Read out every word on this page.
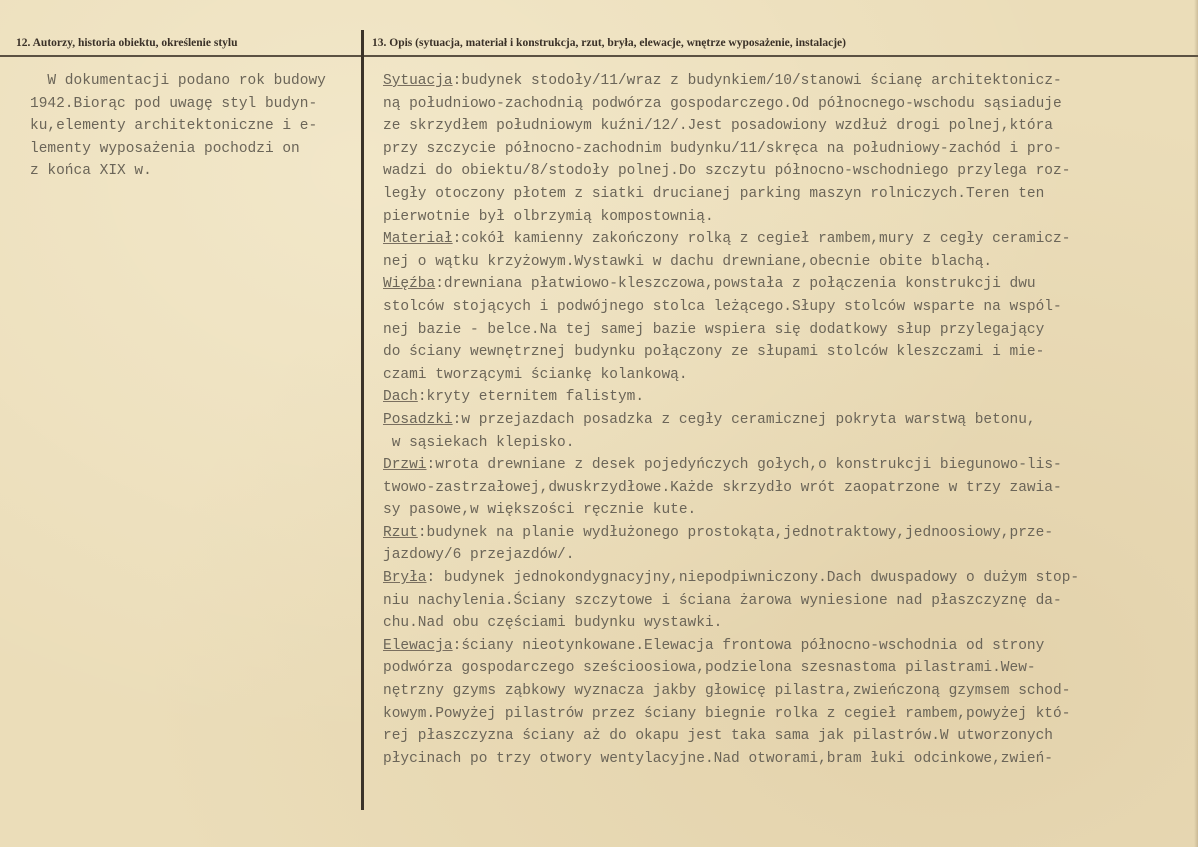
12. Autorzy, historia obiektu, określenie stylu	13. Opis (sytuacja, materiał i konstrukcja, rzut, bryła, elewacje, wnętrze wyposażenie, instalacje)
W dokumentacji podano rok budowy
1942.Biorąc pod uwagę styl budyn-
ku,elementy architektoniczne i e-
lementy wyposażenia pochodzi on
z końca XIX w.
Sytuacja:budynek stodoły/11/wraz z budynkiem/10/stanowi ścianę architektonicz-
ną południowo-zachodnią podwórza gospodarczego.Od północnego-wschodu sąsiaduje
ze skrzydłem południowym kuźni/12/.Jest posadowiony wzdłuż drogi polnej,która
przy szczycie północno-zachodnim budynku/11/skręca na południowy-zachód i pro-
wadzi do obiektu/8/stodoły polnej.Do szczytu północno-wschodniego przylega roz-
legły otoczony płotem z siatki drucianej parking maszyn rolniczych.Teren ten
pierwotnie był olbrzymią kompostownią.
Materiał:cokół kamienny zakończony rolką z cegieł rambem,mury z cegły ceramicz-
nej o wątku krzyżowym.Wystawki w dachu drewniane,obecnie obite blachą.
Więźba:drewniana płatwiowo-kleszczowa,powstała z połączenia konstrukcji dwu
stolców stojących i podwójnego stolca leżącego.Słupy stolców wsparte na wspól-
nej bazie - belce.Na tej samej bazie wspiera się dodatkowy słup przylegający
do ściany wewnętrznej budynku połączony ze słupami stolców kleszczami i mie-
czami tworzącymi ściankę kolankową.
Dach:kryty eternitem falistym.
Posadzki:w przejazdach posadzka z cegły ceramicznej pokryta warstwą betonu,
w sąsiekach klepisko.
Drzwi:wrota drewniane z desek pojedyńczych gołych,o konstrukcji biegunowo-lis-
twowo-zastrzałowej,dwuskrzydłowe.Każde skrzydło wrót zaopatrzone w trzy zawia-
sy pasowe,w większości ręcznie kute.
Rzut:budynek na planie wydłużonego prostokąta,jednotraktowy,jednoosiowy,prze-
jazdowy/6 przejazdów/.
Bryła: budynek jednokondygnacyjny,niepodpiwniczony.Dach dwuspadowy o dużym stop-
niu nachylenia.Ściany szczytowe i ściana żarowa wyniesione nad płaszczyznę da-
chu.Nad obu częściami budynku wystawki.
Elewacja:ściany nieotynkowane.Elewacja frontowa północno-wschodnia od strony
podwórza gospodarczego sześcioosiowa,podzielona szesnastoma pilastrami.Wew-
nętrzny gzyms ząbkowy wyznacza jakby głowicę pilastra,zwieńczoną gzymsem schod-
kowym.Powyżej pilastrów przez ściany biegnie rolka z cegieł rambem,powyżej któ-
rej płaszczyzna ściany aż do okapu jest taka sama jak pilastrów.W utworzonych
płycinach po trzy otwory wentylacyjne.Nad otworami,bram łuki odcinkowe,zwień-
